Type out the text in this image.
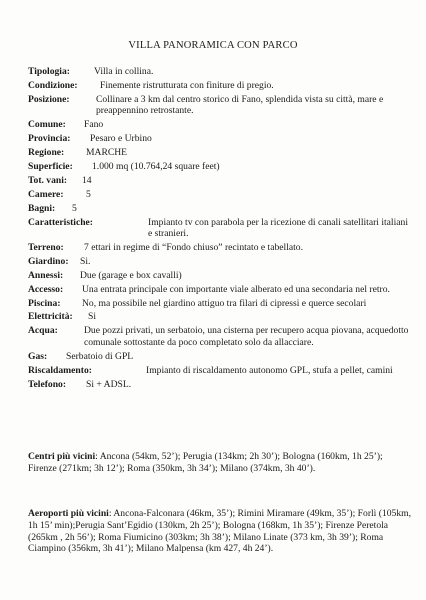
VILLA PANORAMICA CON PARCO
Tipologia:	Villa in collina.
Condizione:	Finemente ristrutturata con finiture di pregio.
Posizione:	Collinare a 3 km dal centro storico di Fano, splendida vista su città, mare e preappennino retrostante.
Comune:	Fano
Provincia:	Pesaro e Urbino
Regione:	MARCHE
Superficie:	1.000 mq (10.764,24 square feet)
Tot. vani:	14
Camere:	5
Bagni:	5
Caratteristiche:	Impianto tv con parabola per la ricezione di canali satellitari italiani e stranieri.
Terreno:	7 ettari in regime di “Fondo chiuso” recintato e tabellato.
Giardino:	Si.
Annessi:	Due (garage e box cavalli)
Accesso:	Una entrata principale con importante viale alberato ed una secondaria nel retro.
Piscina:	No, ma possibile nel giardino attiguo tra filari di cipressi e querce secolari
Elettricità:	Si
Acqua:	Due pozzi privati, un serbatoio, una cisterna per recupero acqua piovana, acquedotto comunale sottostante da poco completato solo da allacciare.
Gas:	Serbatoio di GPL
Riscaldamento:	Impianto di riscaldamento autonomo GPL, stufa a pellet, camini
Telefono:	Si + ADSL.
Centri più vicini: Ancona (54km, 52’); Perugia (134km; 2h 30’); Bologna (160km, 1h 25’); Firenze (271km; 3h 12’); Roma (350km, 3h 34’); Milano (374km, 3h 40’).
Aeroporti più vicini: Ancona-Falconara (46km, 35’); Rimini Miramare (49km, 35’); Forlì (105km, 1h 15’ min);Perugia Sant’Egidio (130km, 2h 25’); Bologna (168km, 1h 35’); Firenze Peretola (265km , 2h 56’); Roma Fiumicino (303km; 3h 38’); Milano Linate (373 km, 3h 39’); Roma Ciampino (356km, 3h 41’); Milano Malpensa (km 427, 4h 24’).
